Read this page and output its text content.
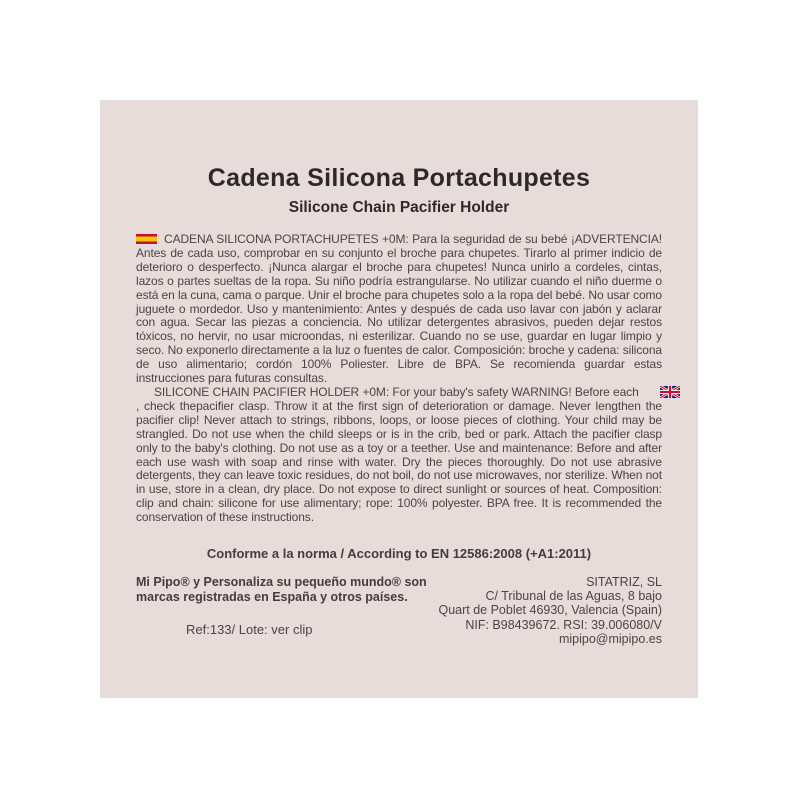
Cadena Silicona Portachupetes
Silicone Chain Pacifier Holder

CADENA SILICONA PORTACHUPETES +0M: Para la seguridad de su bebé ¡ADVERTENCIA! Antes de cada uso, comprobar en su conjunto el broche para chupetes. Tirarlo al primer indicio de deterioro o desperfecto. ¡Nunca alargar el broche para chupetes! Nunca unirlo a cordeles, cintas, lazos o partes sueltas de la ropa. Su niño podría estrangularse. No utilizar cuando el niño duerme o está en la cuna, cama o parque. Unir el broche para chupetes solo a la ropa del bebé. No usar como juguete o mordedor. Uso y mantenimiento: Antes y después de cada uso lavar con jabón y aclarar con agua. Secar las piezas a conciencia. No utilizar detergentes abrasivos, pueden dejar restos tóxicos, no hervir, no usar microondas, ni esterilizar. Cuando no se use, guardar en lugar limpio y seco. No exponerlo directamente a la luz o fuentes de calor. Composición: broche y cadena: silicona de uso alimentario; cordón 100% Poliester. Libre de BPA. Se recomienda guardar estas instrucciones para futuras consultas.

SILICONE CHAIN PACIFIER HOLDER +0M: For your baby's safety WARNING! Before each , check thepacifier clasp. Throw it at the first sign of deterioration or damage. Never lengthen the pacifier clip! Never attach to strings, ribbons, loops, or loose pieces of clothing. Your child may be strangled. Do not use when the child sleeps or is in the crib, bed or park. Attach the pacifier clasp only to the baby's clothing. Do not use as a toy or a teether. Use and maintenance: Before and after each use wash with soap and rinse with water. Dry the pieces thoroughly. Do not use abrasive detergents, they can leave toxic residues, do not boil, do not use microwaves, nor sterilize. When not in use, store in a clean, dry place. Do not expose to direct sunlight or sources of heat. Composition: clip and chain: silicone for use alimentary; rope: 100% polyester. BPA free. It is recommended the conservation of these instructions.

Conforme a la norma / According to EN 12586:2008 (+A1:2011)

Mi Pipo® y Personaliza su pequeño mundo® son marcas registradas en España y otros países.

Ref:133/ Lote: ver clip

SITATRIZ, SL
C/ Tribunal de las Aguas, 8 bajo
Quart de Poblet 46930, Valencia (Spain)
NIF: B98439672. RSI: 39.006080/V
mipipo@mipipo.es
